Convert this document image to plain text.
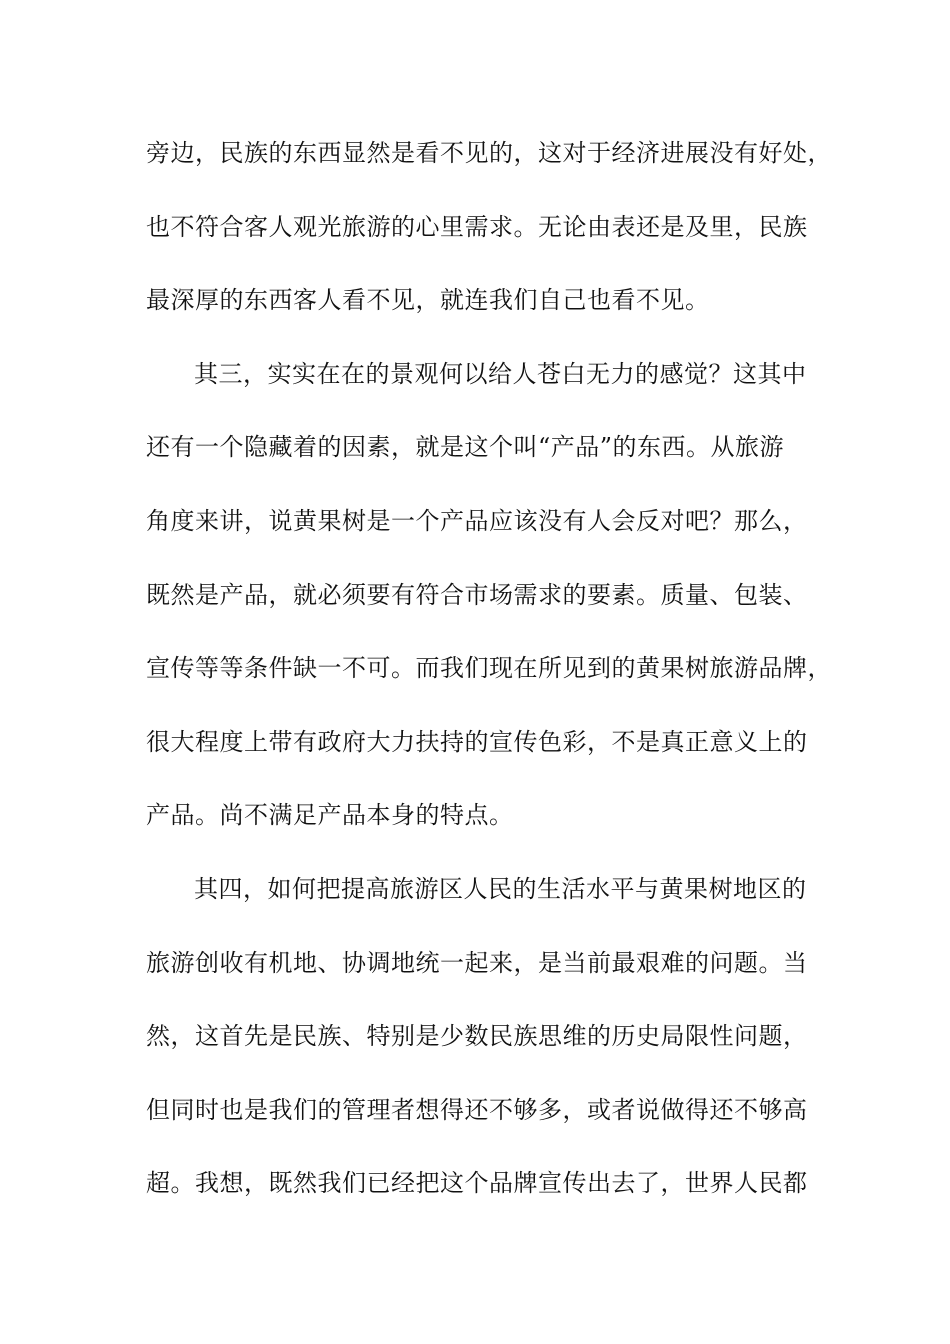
旁边，民族的东西显然是看不见的，这对于经济进展没有好处，
也不符合客人观光旅游的心里需求。无论由表还是及里，民族
最深厚的东西客人看不见，就连我们自己也看不见。
其三，实实在在的景观何以给人苍白无力的感觉？这其中
还有一个隐藏着的因素，就是这个叫“产品”的东西。从旅游
角度来讲，说黄果树是一个产品应该没有人会反对吧？那么，
既然是产品，就必须要有符合市场需求的要素。质量、包装、
宣传等等条件缺一不可。而我们现在所见到的黄果树旅游品牌，
很大程度上带有政府大力扶持的宣传色彩，不是真正意义上的
产品。尚不满足产品本身的特点。
其四，如何把提高旅游区人民的生活水平与黄果树地区的
旅游创收有机地、协调地统一起来，是当前最艰难的问题。当
然，这首先是民族、特别是少数民族思维的历史局限性问题，
但同时也是我们的管理者想得还不够多，或者说做得还不够高
超。我想，既然我们已经把这个品牌宣传出去了，世界人民都
